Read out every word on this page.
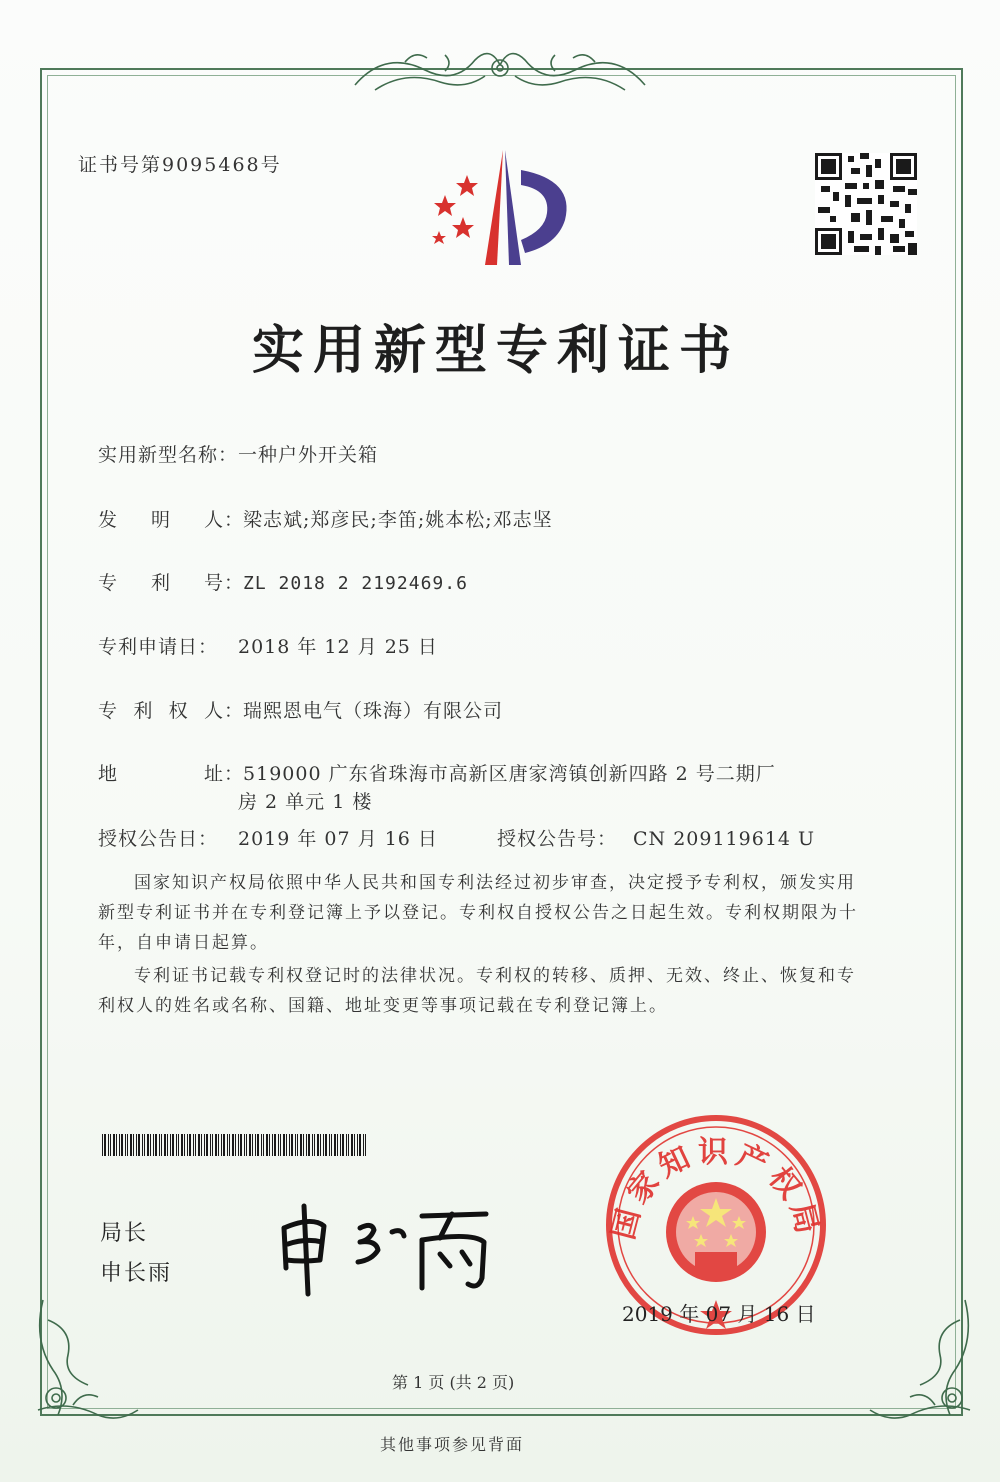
证书号第9095468号
实用新型专利证书
实用新型名称：一种户外开关箱
发 明 人 ：梁志斌;郑彦民;李笛;姚本松;邓志坚
专 利 号 ：ZL 2018 2 2192469.6
专利申请日： 2018 年 12 月 25 日
专 利 权 人 ：瑞熙恩电气（珠海）有限公司
地	址 ：519000 广东省珠海市高新区唐家湾镇创新四路 2 号二期厂
房 2 单元 1 楼
授权公告日： 2019 年 07 月 16 日	授权公告号： CN 209119614 U
国家知识产权局依照中华人民共和国专利法经过初步审查，决定授予专利权，颁发实用
新型专利证书并在专利登记簿上予以登记。专利权自授权公告之日起生效。专利权期限为十
年，自申请日起算。
专利证书记载专利权登记时的法律状况。专利权的转移、质押、无效、终止、恢复和专
利权人的姓名或名称、国籍、地址变更等事项记载在专利登记簿上。
局长
申长雨
国家知识产权局
2019 年 07 月 16 日
第 1 页 (共 2 页)
其他事项参见背面
